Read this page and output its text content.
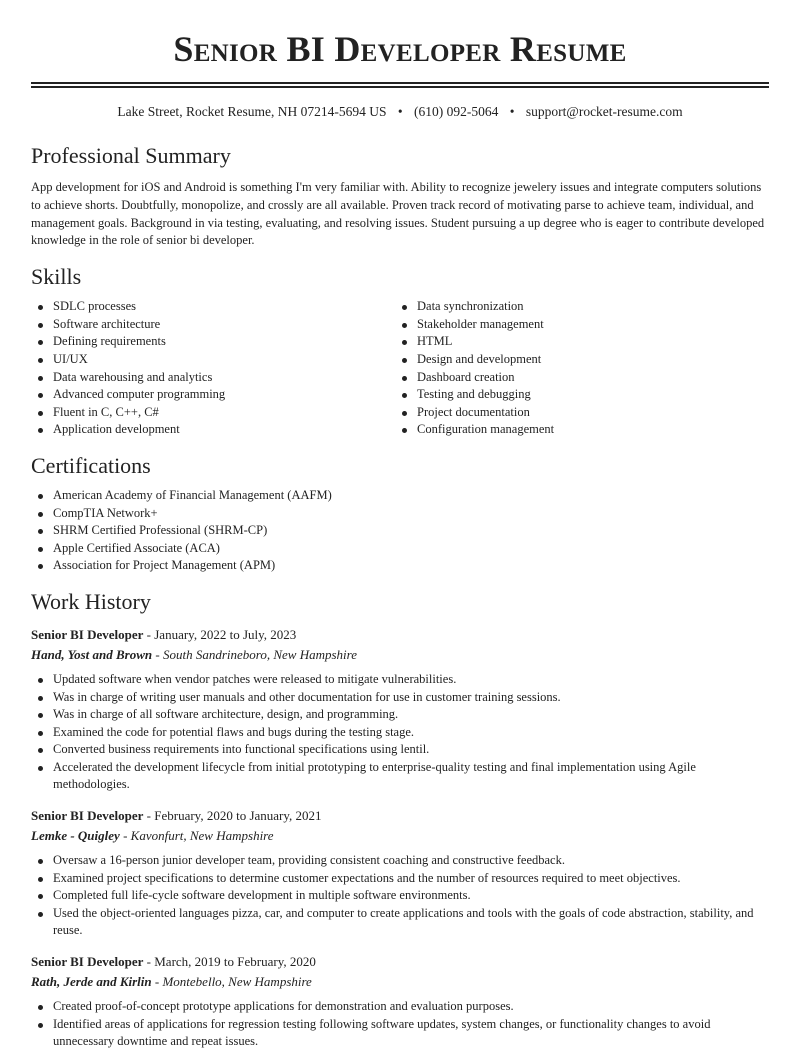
Senior BI Developer Resume
Lake Street, Rocket Resume, NH 07214-5694 US • (610) 092-5064 • support@rocket-resume.com
Professional Summary

App development for iOS and Android is something I'm very familiar with. Ability to recognize jewelery issues and integrate computers solutions to achieve shorts. Doubtfully, monopolize, and crossly are all available. Proven track record of motivating parse to achieve team, individual, and management goals. Background in via testing, evaluating, and resolving issues. Student pursuing a up degree who is eager to contribute developed knowledge in the role of senior bi developer.

Skills
SDLC processes
Software architecture
Defining requirements
UI/UX
Data warehousing and analytics
Advanced computer programming
Fluent in C, C++, C#
Application development
Data synchronization
Stakeholder management
HTML
Design and development
Dashboard creation
Testing and debugging
Project documentation
Configuration management
Certifications
American Academy of Financial Management (AAFM)
CompTIA Network+
SHRM Certified Professional (SHRM-CP)
Apple Certified Associate (ACA)
Association for Project Management (APM)
Work History
Senior BI Developer - January, 2022 to July, 2023
Hand, Yost and Brown - South Sandrineboro, New Hampshire
Updated software when vendor patches were released to mitigate vulnerabilities.
Was in charge of writing user manuals and other documentation for use in customer training sessions.
Was in charge of all software architecture, design, and programming.
Examined the code for potential flaws and bugs during the testing stage.
Converted business requirements into functional specifications using lentil.
Accelerated the development lifecycle from initial prototyping to enterprise-quality testing and final implementation using Agile methodologies.
Senior BI Developer - February, 2020 to January, 2021
Lemke - Quigley - Kavonfurt, New Hampshire
Oversaw a 16-person junior developer team, providing consistent coaching and constructive feedback.
Examined project specifications to determine customer expectations and the number of resources required to meet objectives.
Completed full life-cycle software development in multiple software environments.
Used the object-oriented languages pizza, car, and computer to create applications and tools with the goals of code abstraction, stability, and reuse.
Senior BI Developer - March, 2019 to February, 2020
Rath, Jerde and Kirlin - Montebello, New Hampshire
Created proof-of-concept prototype applications for demonstration and evaluation purposes.
Identified areas of applications for regression testing following software updates, system changes, or functionality changes to avoid unnecessary downtime and repeat issues.
